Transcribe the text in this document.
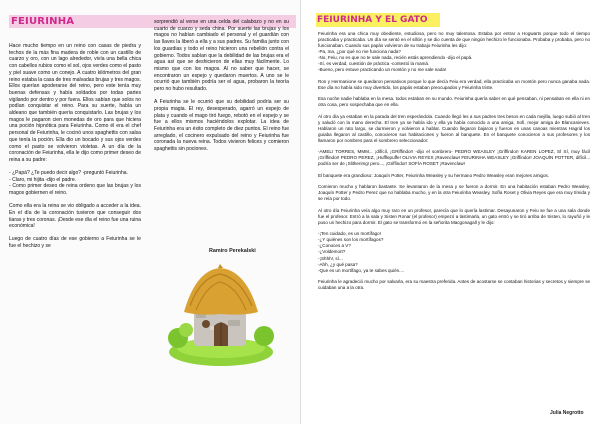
FEIURINHA

Hace mucho tiempo en un reino con casas de piedra y techos de la más fina madera de roble con un castillo de cuarzo y oro, con un lago alrededor, vivía una bella chica con cabellos rubios como el sol, ojos verdes como el pasto y piel suave como un conejo. A cuatro kilómetros del gran reino estaba la casa de tres malvadas brujas y tres magos. Ellos querían apoderarse del reino, pero este tenía muy buenas defensas y había soldados por todas partes vigilando por dentro y por fuera. Ellos sabían que solos no podían conquistar el reino. Para su suerte, había un aldeano que también quería conquistarlo. Las brujas y los magos le pagaron cien monedas de oro para que hiciera una poción hipnótica para Feiurinha. Como él era el chef personal de Feiurinha, le cocinó unos spaghettis con salsa que tenía la poción. Ella dio un bocado y sus ojos verdes como el pasto se volvieron violetas. A un día de la coronación de Feiurinha, ella le dijo como primer deseo de reina a su padre:

- ¿Papá? ¿Te puedo decir algo? -preguntó Feiurinha.
- Claro, mi hijita -dijo el padre.
- Como primer deseo de reina ordeno que las brujas y los magos gobiernen el reino.

Como ella era la reina se vio obligado a acceder a la idea. En el día de la coronación tuvieron que conseguir dos tiaras y tres coronas. ¡Desde ese día el reino fue una ruina económica!

Luego de cuatro días de ese gobierno a Feiurinha se le fue el hechizo y se

sorprendió al verse en una celda del calabozo y no en su cuarto de cuarzo y seda china. Por suerte las brujas y los magos no habían cambiado el personal y el guardián con las llaves la liberó a ella y a sus padres. Su familia junto con los guardias y todo el reino hicieron una rebelión contra el gobierno. Todos sabían que la debilidad de las brujas era el agua así que se deshicieron de ellas muy fácilmente. Lo mismo que con los magos. Al no saber que hacer, se encontraron un espejo y quedaron muertos. A uno se le ocurrió que también podría ser el agua, probaron la teoría pero no hubo resultado.

A Feiurinha se le ocurrió que su debilidad podría ser su propia magia. El rey, desesperado, agarró un espejo de plata y cuando el mago tiró fuego, rebotó en el espejo y se fue a ellos mismos haciéndolos explotar. La idea de Feiurinha era un éxito completo de diez puntos. El reino fue arreglado, el cocinero expulsado del reino y Feiurinha fue coronada la nueva reina. Todos vivieron felices y comieron spaghettis sin pociones.

Ramiro Perekalski
FEIURINHA Y EL GATO

Feiurinha era una chica muy obediente, estudiosa, pero no muy talentosa. Estaba por entrar a Hogwarts porque todo el tiempo practicaba y practicaba. Un día se sentó en el sillón y se dio cuenta de que ningún hechizo le funcionaba. Probaba y probaba, pero no funcionaban. Cuando sus papás volvieron de su trabajo Feiurinha les dijo:
-Pa, ma, ¿por qué no me funciona nada?
-No, Feiu, no es que no te sale nada, recién estás aprendiendo -dijo el papá.
-Sí, es verdad, cuestión de práctica -contestó la mamá.
-Bueno, pero estuve practicando un montón y no me sale nada!

Ron y Hermanione se quedaron pensativos porque lo que decía Feiu era verdad, ella practicaba un montón pero nunca ganaba nada. Ese día no había sido muy divertido, los papás estaban preocupados y Feiurinha triste.

Esa noche nadie hablaba en la mesa, todos estaban en su mundo. Feiurinha quería saber en qué pensaban, ni pensaban en ella ni en otra cosa, pero sospechaba que en ella.

Al otro día ya estaban en la parada del tren esperándola. Cuando llegó les a sus padres tres besos en cada mejilla, luego subió al tren y saludó con la mano derecha. El tren ya se había ido y ella ya había conocido a una amiga, Sofi, mejor amiga de Blancanieves. Hablaron un rato largo, se durmieron y volvieron a hablar. Cuando llegaron bajaron y fueron en unas canoas mientras Hagrid los guiaba llegaron al castillo, conocieron sus habitaciones y fueron al banquete. En el banquete conocieron a sus profesores y los llamaron por nombres para el sombrero seleccionador:

-AMELI TORRES, MMM... ¡difícil, ¡GRiffindor! -dijo el sombrero- PEDRO WEASLEY ¡Griffindor! KAREN LOPEZ, SÍ SÍ, muy fácil ¡Griffindor! PEDRO PEREZ, ¡Hufflepuffe! OLIVIA REYES ¡Ravenclaw! FEIURINHA WEASLEY ¡Griffindor! JOAQUÍN POTTER, difícil... podría ser de ¡Slitherimg! pero..., ¡Griffindor! SOFÍA ROSET ¡Ravenclaw!

El banquete era grandioso: Joaquín Potter, Feiurinha Weasley y su hermano Pedro Weasley eran mejores amigos.

Comieron mucho y hablaron bastante. Se levantaron de la mesa y se fueron a dormir. En una habitación estaban Pedro Weasley, Joaquín Potter y Pedro Perez que no hablaba mucho, y en la otra Feiurinha Weasley, Sofía Roset y Olivia Reyes que era muy tímida y se reía por todo.

Al otro día Feiurinha veía algo muy raro en un profesor, parecía que lo quería lastimar. Desayunaron y Feiu se fue a una sala donde fue el profesor. Entró a la sala y Sisten Ronar (el profesor) empezó a lastimarla, un gato entró y se tiró arriba de Sisten, lo rayuñó y le puso un hechizo para dormir. El gato se transformó en la señorita Macgonagall y le dijo:

-¡Ten cuidado, es un mortífago!
-¿Y quiénes son los mortífagos?
-¿Conoces a V?
-¿Voldemort?
-¡Shhh!, sí...
-Ahh, ¿y qué pasa?
-Que es un mortífago, ya te sabes quién....

Feiurinha le agradeció mucho por salvarla, era su maestra preferida. Antes de acostarse se contaban historias y secretos y siempre se cuidaban una a la otra.

Julia Negrotto
